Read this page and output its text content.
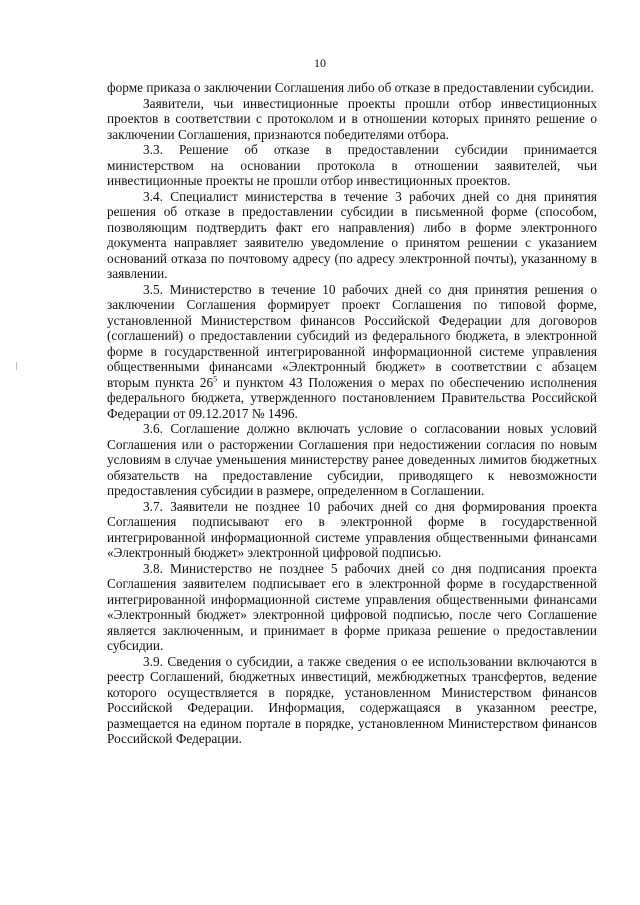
10

форме приказа о заключении Соглашения либо об отказе в предоставлении субсидии.

Заявители, чьи инвестиционные проекты прошли отбор инвестиционных проектов в соответствии с протоколом и в отношении которых принято решение о заключении Соглашения, признаются победителями отбора.

3.3. Решение об отказе в предоставлении субсидии принимается министерством на основании протокола в отношении заявителей, чьи инвестиционные проекты не прошли отбор инвестиционных проектов.

3.4. Специалист министерства в течение 3 рабочих дней со дня принятия решения об отказе в предоставлении субсидии в письменной форме (способом, позволяющим подтвердить факт его направления) либо в форме электронного документа направляет заявителю уведомление о принятом решении с указанием оснований отказа по почтовому адресу (по адресу электронной почты), указанному в заявлении.

3.5. Министерство в течение 10 рабочих дней со дня принятия решения о заключении Соглашения формирует проект Соглашения по типовой форме, установленной Министерством финансов Российской Федерации для договоров (соглашений) о предоставлении субсидий из федерального бюджета, в электронной форме в государственной интегрированной информационной системе управления общественными финансами «Электронный бюджет» в соответствии с абзацем вторым пункта $26^5$ и пунктом 43 Положения о мерах по обеспечению исполнения федерального бюджета, утвержденного постановлением Правительства Российской Федерации от 09.12.2017 № 1496.

3.6. Соглашение должно включать условие о согласовании новых условий Соглашения или о расторжении Соглашения при недостижении согласия по новым условиям в случае уменьшения министерству ранее доведенных лимитов бюджетных обязательств на предоставление субсидии, приводящего к невозможности предоставления субсидии в размере, определенном в Соглашении.

3.7. Заявители не позднее 10 рабочих дней со дня формирования проекта Соглашения подписывают его в электронной форме в государственной интегрированной информационной системе управления общественными финансами «Электронный бюджет» электронной цифровой подписью.

3.8. Министерство не позднее 5 рабочих дней со дня подписания проекта Соглашения заявителем подписывает его в электронной форме в государственной интегрированной информационной системе управления общественными финансами «Электронный бюджет» электронной цифровой подписью, после чего Соглашение является заключенным, и принимает в форме приказа решение о предоставлении субсидии.

3.9. Сведения о субсидии, а также сведения о ее использовании включаются в реестр Соглашений, бюджетных инвестиций, межбюджетных трансфертов, ведение которого осуществляется в порядке, установленном Министерством финансов Российской Федерации. Информация, содержащаяся в указанном реестре, размещается на едином портале в порядке, установленном Министерством финансов Российской Федерации.
